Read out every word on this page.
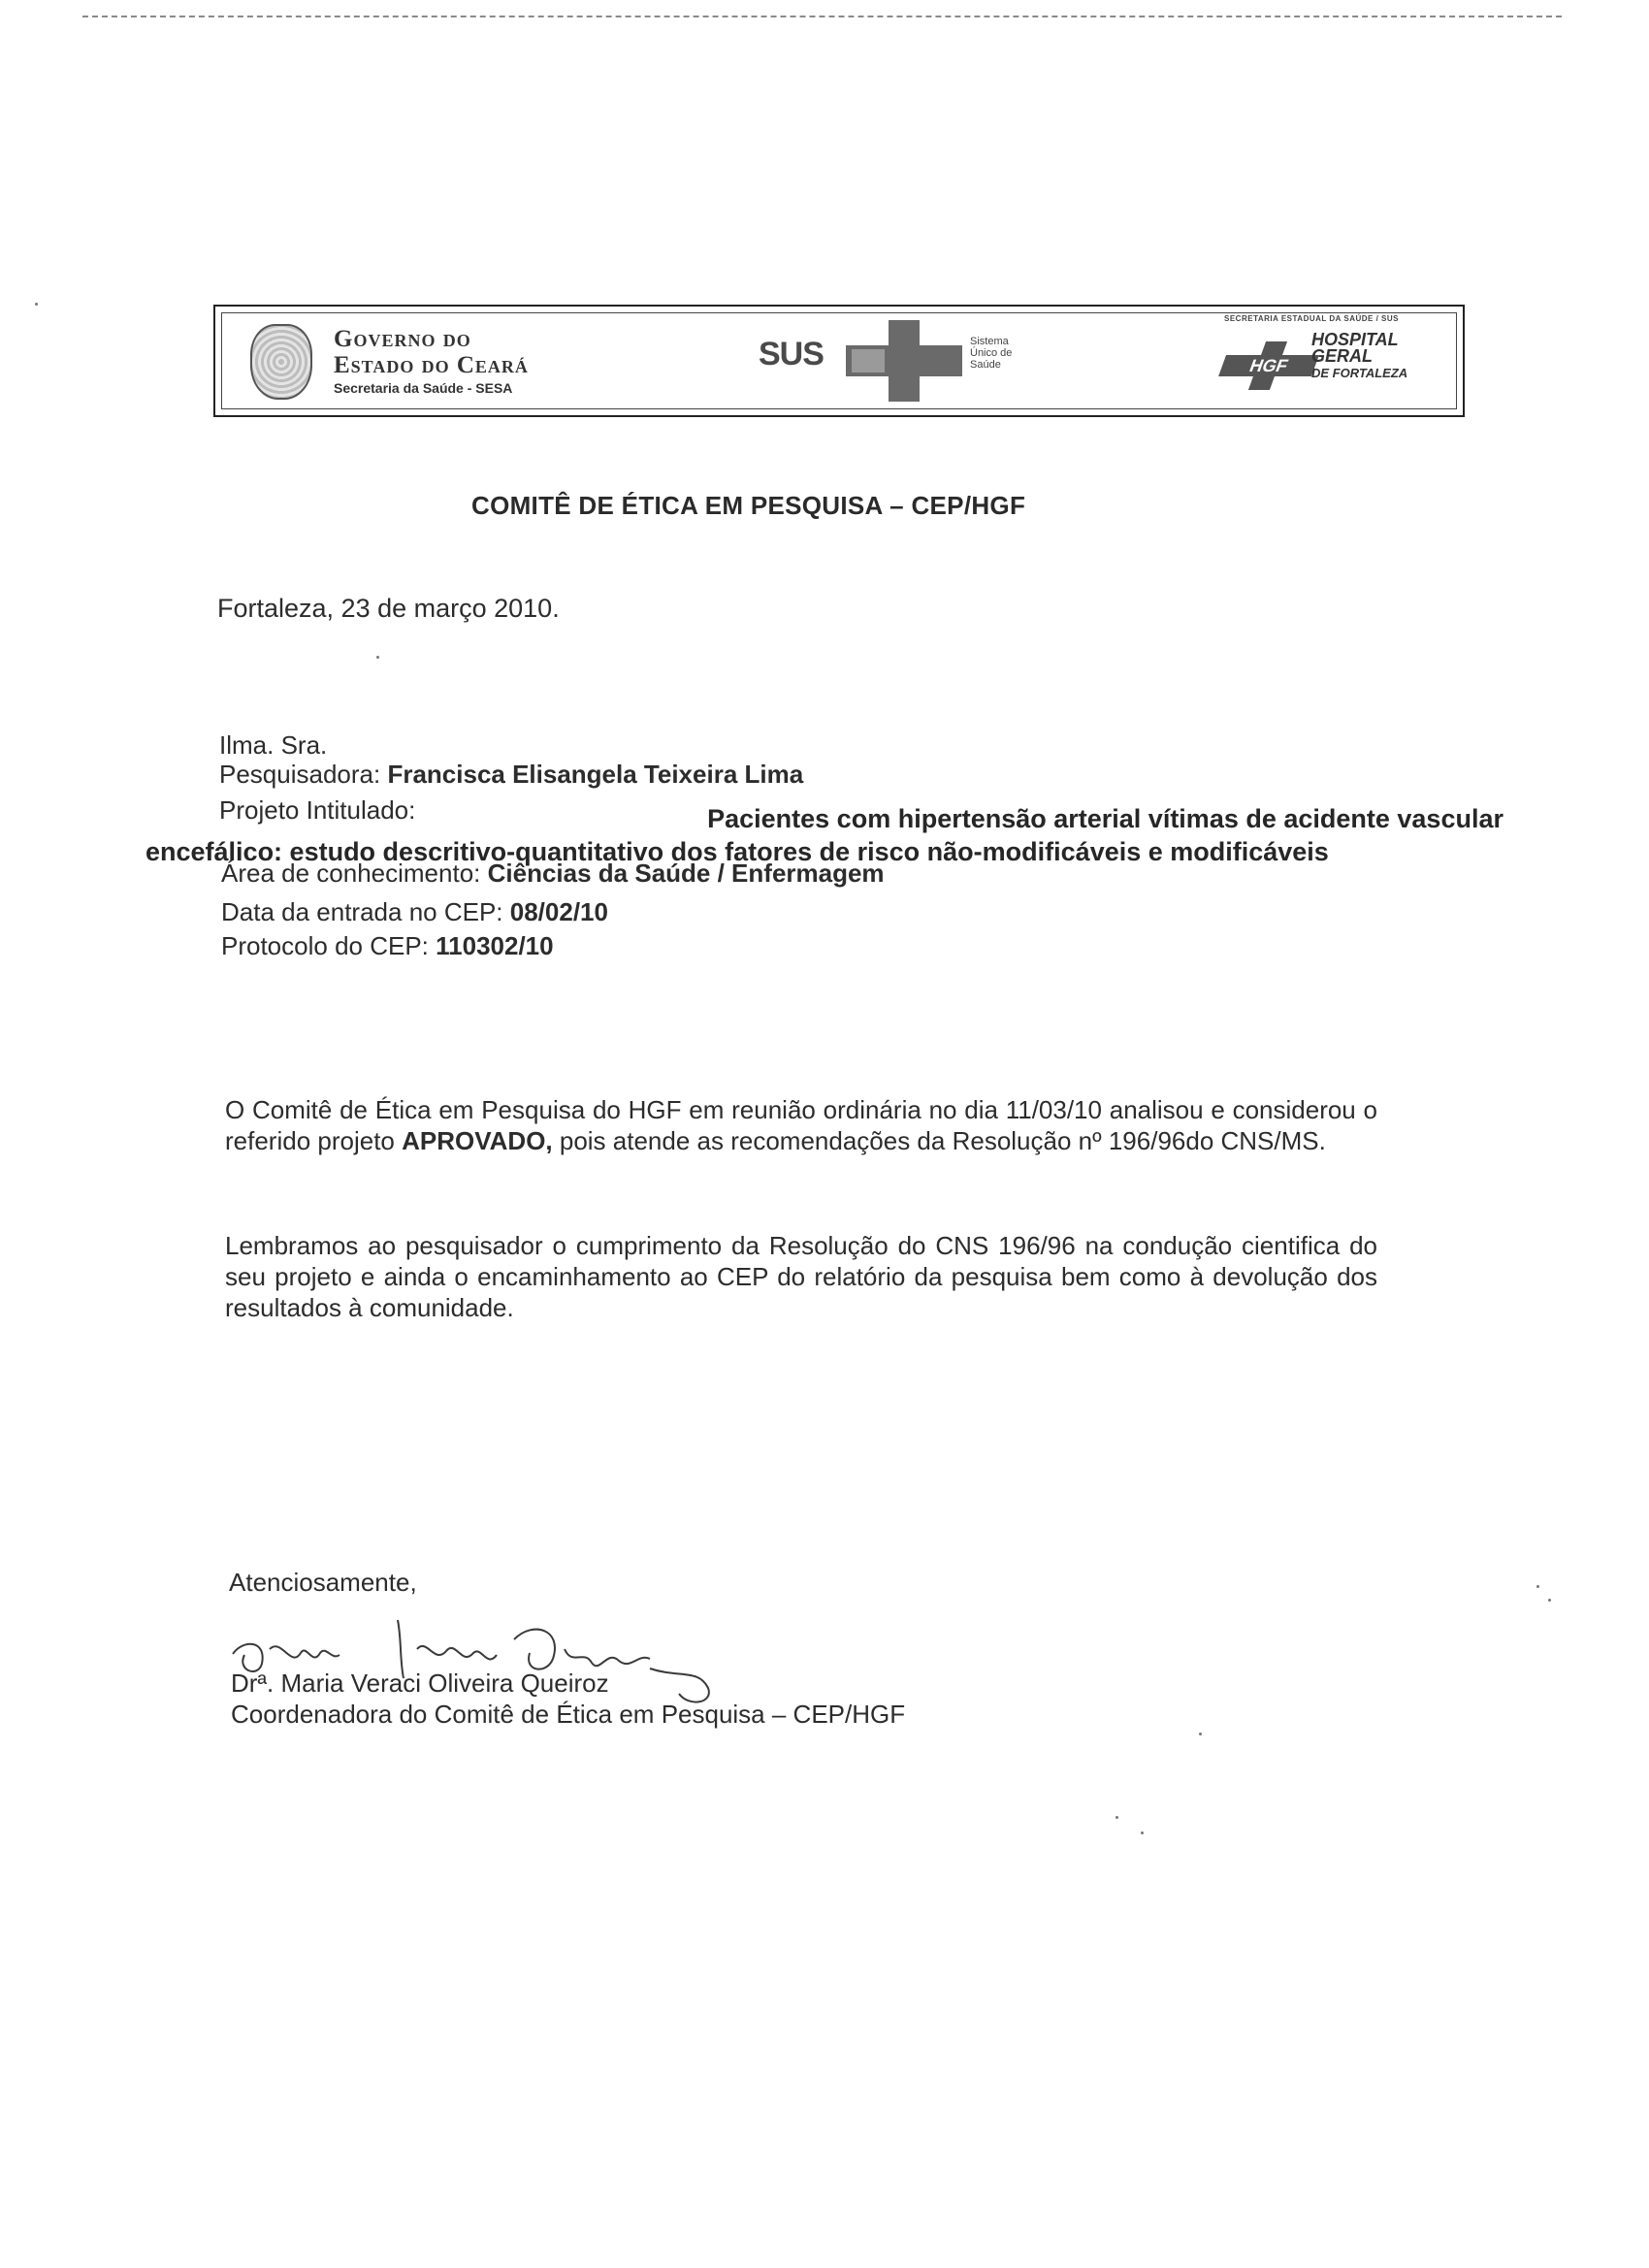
Governo do
Estado do Ceará
Secretaria da Saúde - SESA
SUS	Sistema Único de Saúde
SECRETARIA ESTADUAL DA SAÚDE / SUS
HGF
HOSPITAL
GERAL
DE FORTALEZA
COMITÊ DE ÉTICA EM PESQUISA – CEP/HGF
Fortaleza, 23 de março 2010.
Ilma. Sra.
Pesquisadora: Francisca Elisangela Teixeira Lima
Projeto Intitulado:	Pacientes com hipertensão arterial vítimas de acidente vascular
encefálico: estudo descritivo-quantitativo dos fatores de risco não-modificáveis e modificáveis
Área de conhecimento: Ciências da Saúde / Enfermagem
Data da entrada no CEP: 08/02/10
Protocolo do CEP: 110302/10
O Comitê de Ética em Pesquisa do HGF em reunião ordinária no dia 11/03/10 analisou e considerou o referido projeto APROVADO, pois atende as recomendações da Resolução nº 196/96do CNS/MS.
Lembramos ao pesquisador o cumprimento da Resolução do CNS 196/96 na condução cientifica do seu projeto e ainda o encaminhamento ao CEP do relatório da pesquisa bem como à devolução dos resultados à comunidade.
Atenciosamente,
Drª. Maria Veraci Oliveira Queiroz
Coordenadora do Comitê de Ética em Pesquisa – CEP/HGF
